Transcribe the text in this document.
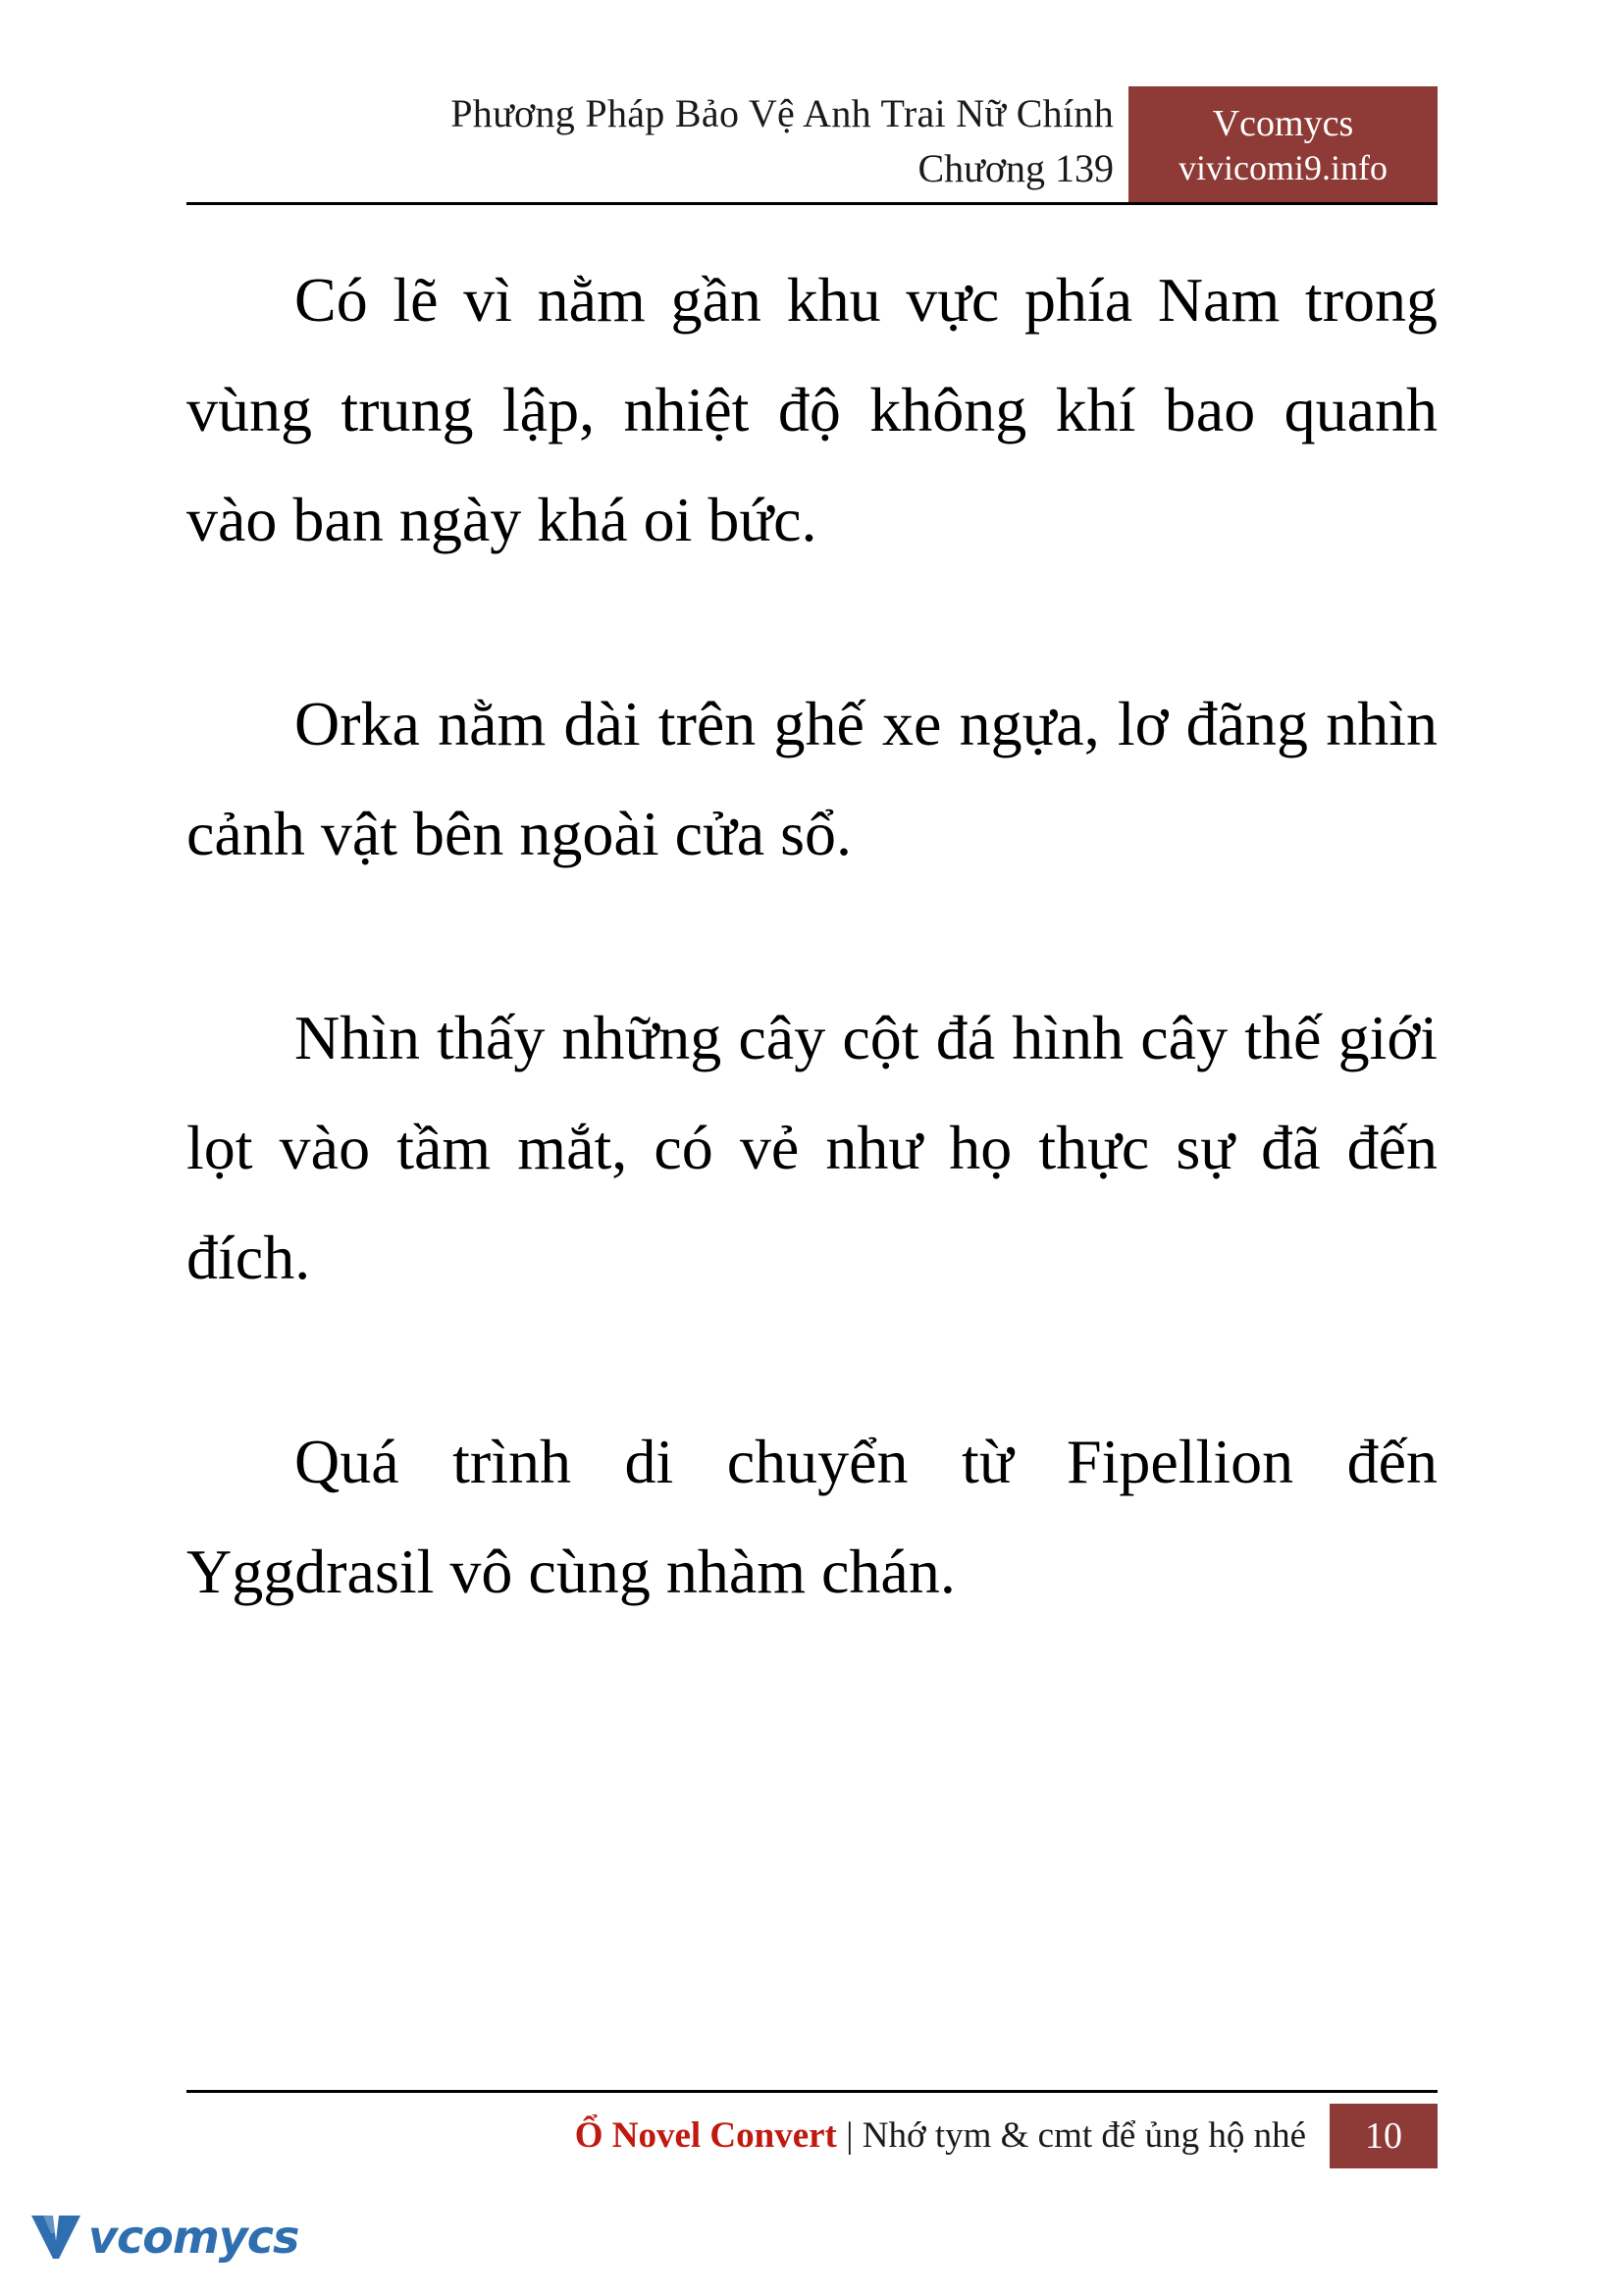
Phương Pháp Bảo Vệ Anh Trai Nữ Chính
Chương 139
Vcomycs
vivicomi9.info

Có lẽ vì nằm gần khu vực phía Nam trong vùng trung lập, nhiệt độ không khí bao quanh vào ban ngày khá oi bức.

Orka nằm dài trên ghế xe ngựa, lơ đãng nhìn cảnh vật bên ngoài cửa sổ.

Nhìn thấy những cây cột đá hình cây thế giới lọt vào tầm mắt, có vẻ như họ thực sự đã đến đích.

Quá trình di chuyển từ Fipellion đến Yggdrasil vô cùng nhàm chán.

Ổ Novel Convert | Nhớ tym & cmt để ủng hộ nhé	10
vcomycs
